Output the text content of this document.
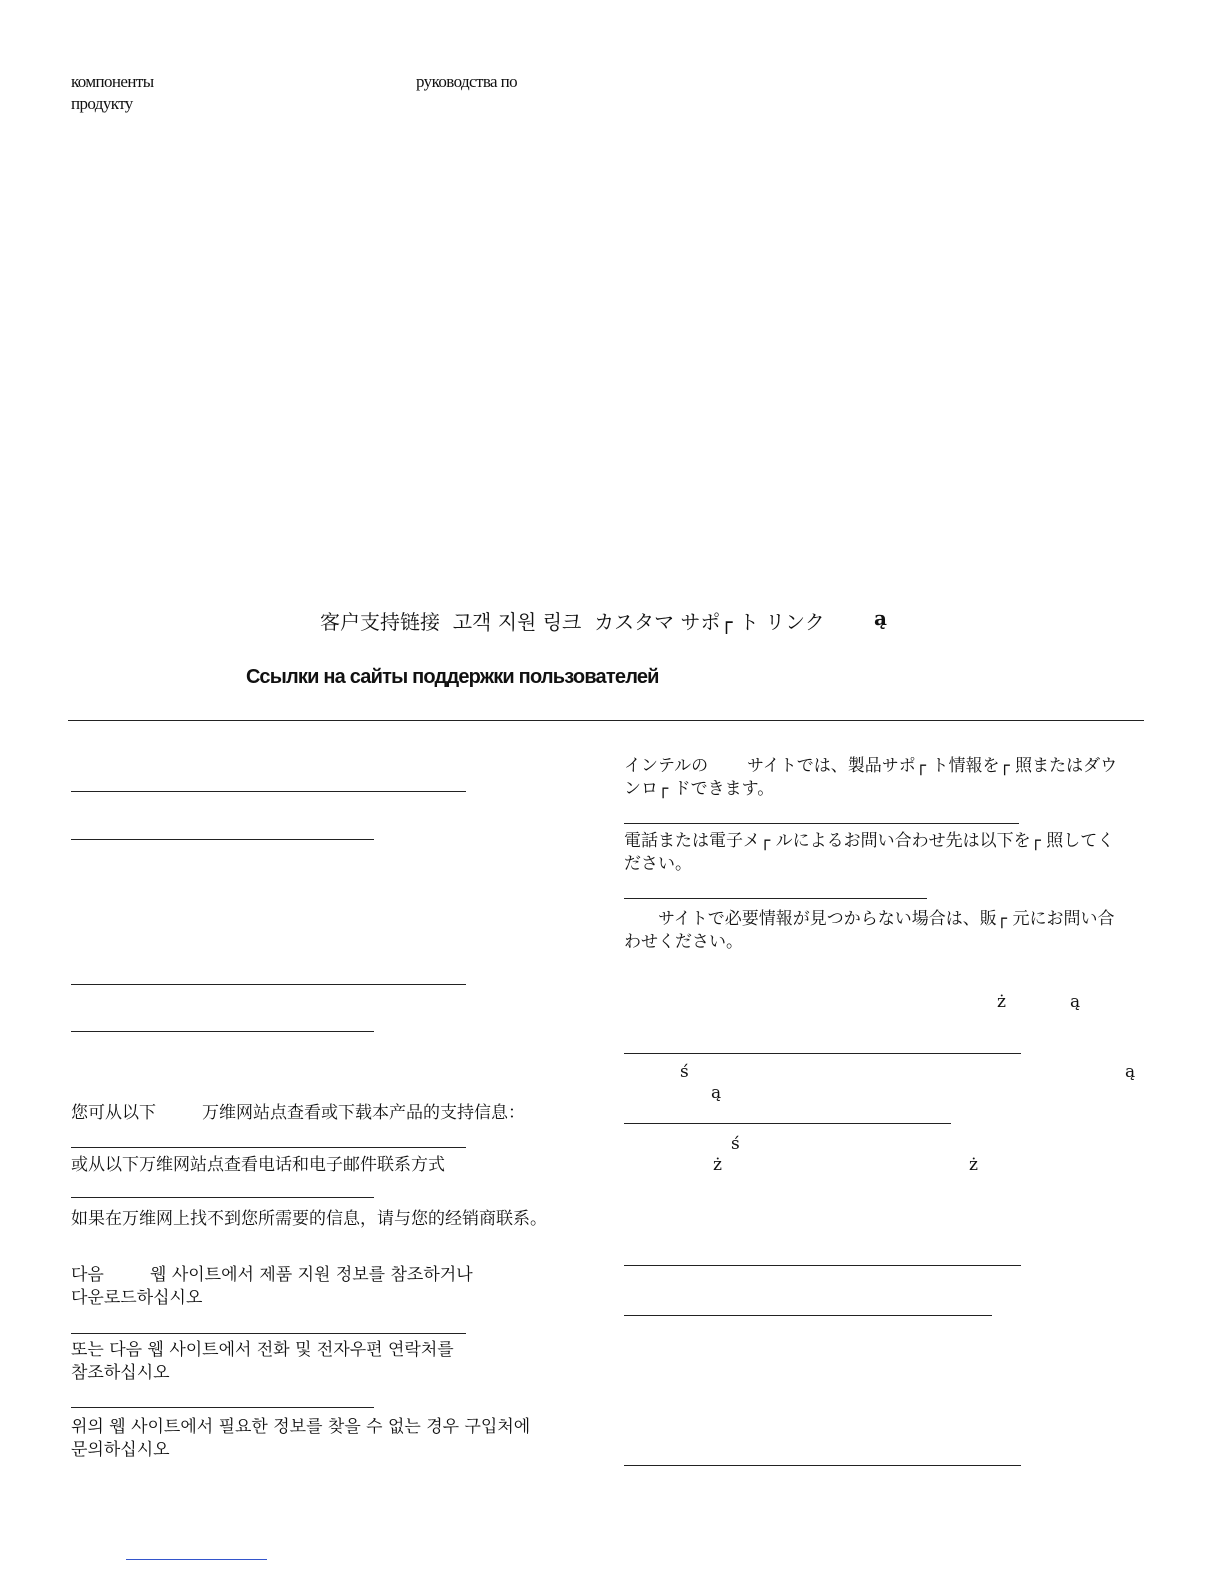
компоненты
продукту
руководства по
客户支持链接  고객 지원 링크  カスタマ サポ┌ ト リンク ą
Ссылки на сайты поддержки пользователей
您可从以下	万维网站点查看或下载本产品的支持信息：
或从以下万维网站点查看电话和电子邮件联系方式
如果在万维网上找不到您所需要的信息，请与您的经销商联系。
다음	웹 사이트에서 제품 지원 정보를 참조하거나
다운로드하십시오
또는 다음 웹 사이트에서 전화 및 전자우편 연락처를
참조하십시오
위의 웹 사이트에서 필요한 정보를 찾을 수 없는 경우 구입처에
문의하십시오
インテルの サイトでは、製品サポ┌ ト情報を┌ 照またはダウ
ンロ┌ ドできます。
電話または電子メ┌ ルによるお問い合わせ先は以下を┌ 照してく
ださい。
サイトで必要情報が見つからない場合は、販┌ 元にお問い合
わせください。
ż	ą
ś	ą
ą
ś
ż	ż
